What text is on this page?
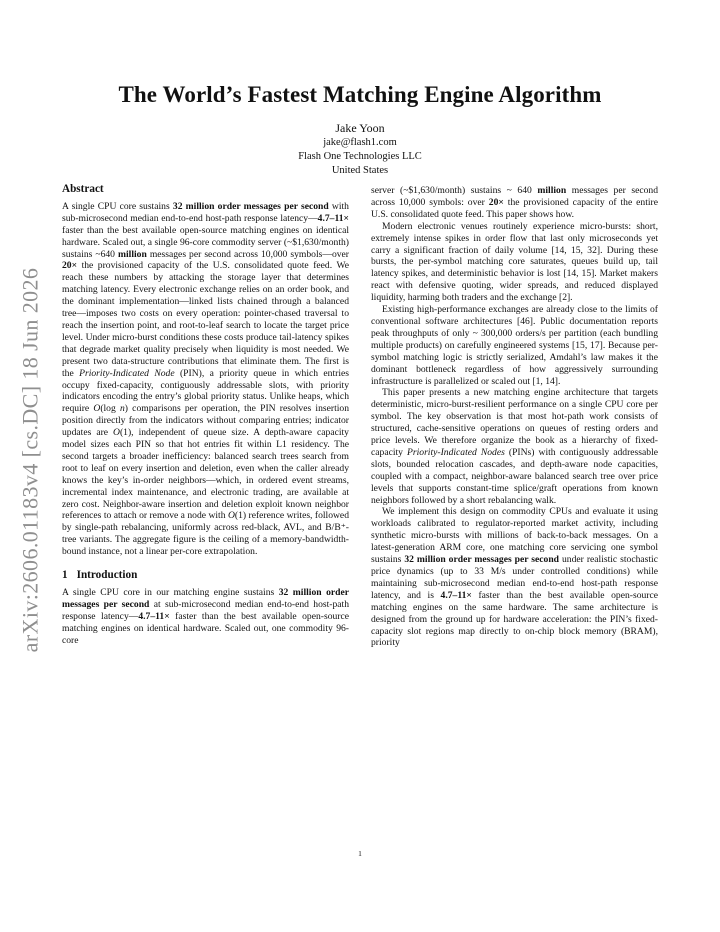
arXiv:2606.01183v4 [cs.DC] 18 Jun 2026
The World’s Fastest Matching Engine Algorithm
Jake Yoon
jake@flash1.com
Flash One Technologies LLC
United States
Abstract

A single CPU core sustains 32 million order messages per second with sub-microsecond median end-to-end host-path response latency—4.7–11× faster than the best available open-source matching engines on identical hardware. Scaled out, a single 96-core commodity server (~$1,630/month) sustains ~640 million messages per second across 10,000 symbols—over 20× the provisioned capacity of the U.S. consolidated quote feed. We reach these numbers by attacking the storage layer that determines matching latency. Every electronic exchange relies on an order book, and the dominant implementation—linked lists chained through a balanced tree—imposes two costs on every operation: pointer-chased traversal to reach the insertion point, and root-to-leaf search to locate the target price level. Under micro-burst conditions these costs produce tail-latency spikes that degrade market quality precisely when liquidity is most needed. We present two data-structure contributions that eliminate them. The first is the Priority-Indicated Node (PIN), a priority queue in which entries occupy fixed-capacity, contiguously addressable slots, with priority indicators encoding the entry’s global priority status. Unlike heaps, which require O(log n) comparisons per operation, the PIN resolves insertion position directly from the indicators without comparing entries; indicator updates are O(1), independent of queue size. A depth-aware capacity model sizes each PIN so that hot entries fit within L1 residency. The second targets a broader inefficiency: balanced search trees search from root to leaf on every insertion and deletion, even when the caller already knows the key’s in-order neighbors—which, in ordered event streams, incremental index maintenance, and electronic trading, are available at zero cost. Neighbor-aware insertion and deletion exploit known neighbor references to attach or remove a node with O(1) reference writes, followed by single-path rebalancing, uniformly across red-black, AVL, and B/B⁺-tree variants. The aggregate figure is the ceiling of a memory-bandwidth-bound instance, not a linear per-core extrapolation.

1 Introduction

A single CPU core in our matching engine sustains 32 million order messages per second at sub-microsecond median end-to-end host-path response latency—4.7–11× faster than the best available open-source matching engines on identical hardware. Scaled out, one commodity 96-core

server (~$1,630/month) sustains ~ 640 million messages per second across 10,000 symbols: over 20× the provisioned capacity of the entire U.S. consolidated quote feed. This paper shows how.

Modern electronic venues routinely experience micro-bursts: short, extremely intense spikes in order flow that last only microseconds yet carry a significant fraction of daily volume [14, 15, 32]. During these bursts, the per-symbol matching core saturates, queues build up, tail latency spikes, and deterministic behavior is lost [14, 15]. Market makers react with defensive quoting, wider spreads, and reduced displayed liquidity, harming both traders and the exchange [2].

Existing high-performance exchanges are already close to the limits of conventional software architectures [46]. Public documentation reports peak throughputs of only ~ 300,000 orders/s per partition (each bundling multiple products) on carefully engineered systems [15, 17]. Because per-symbol matching logic is strictly serialized, Amdahl’s law makes it the dominant bottleneck regardless of how aggressively surrounding infrastructure is parallelized or scaled out [1, 14].

This paper presents a new matching engine architecture that targets deterministic, micro-burst-resilient performance on a single CPU core per symbol. The key observation is that most hot-path work consists of structured, cache-sensitive operations on queues of resting orders and price levels. We therefore organize the book as a hierarchy of fixed-capacity Priority-Indicated Nodes (PINs) with contiguously addressable slots, bounded relocation cascades, and depth-aware node capacities, coupled with a compact, neighbor-aware balanced search tree over price levels that supports constant-time splice/graft operations from known neighbors followed by a short rebalancing walk.

We implement this design on commodity CPUs and evaluate it using workloads calibrated to regulator-reported market activity, including synthetic micro-bursts with millions of back-to-back messages. On a latest-generation ARM core, one matching core servicing one symbol sustains 32 million order messages per second under realistic stochastic price dynamics (up to 33 M/s under controlled conditions) while maintaining sub-microsecond median end-to-end host-path response latency, and is 4.7–11× faster than the best available open-source matching engines on the same hardware. The same architecture is designed from the ground up for hardware acceleration: the PIN’s fixed-capacity slot regions map directly to on-chip block memory (BRAM), priority

1
